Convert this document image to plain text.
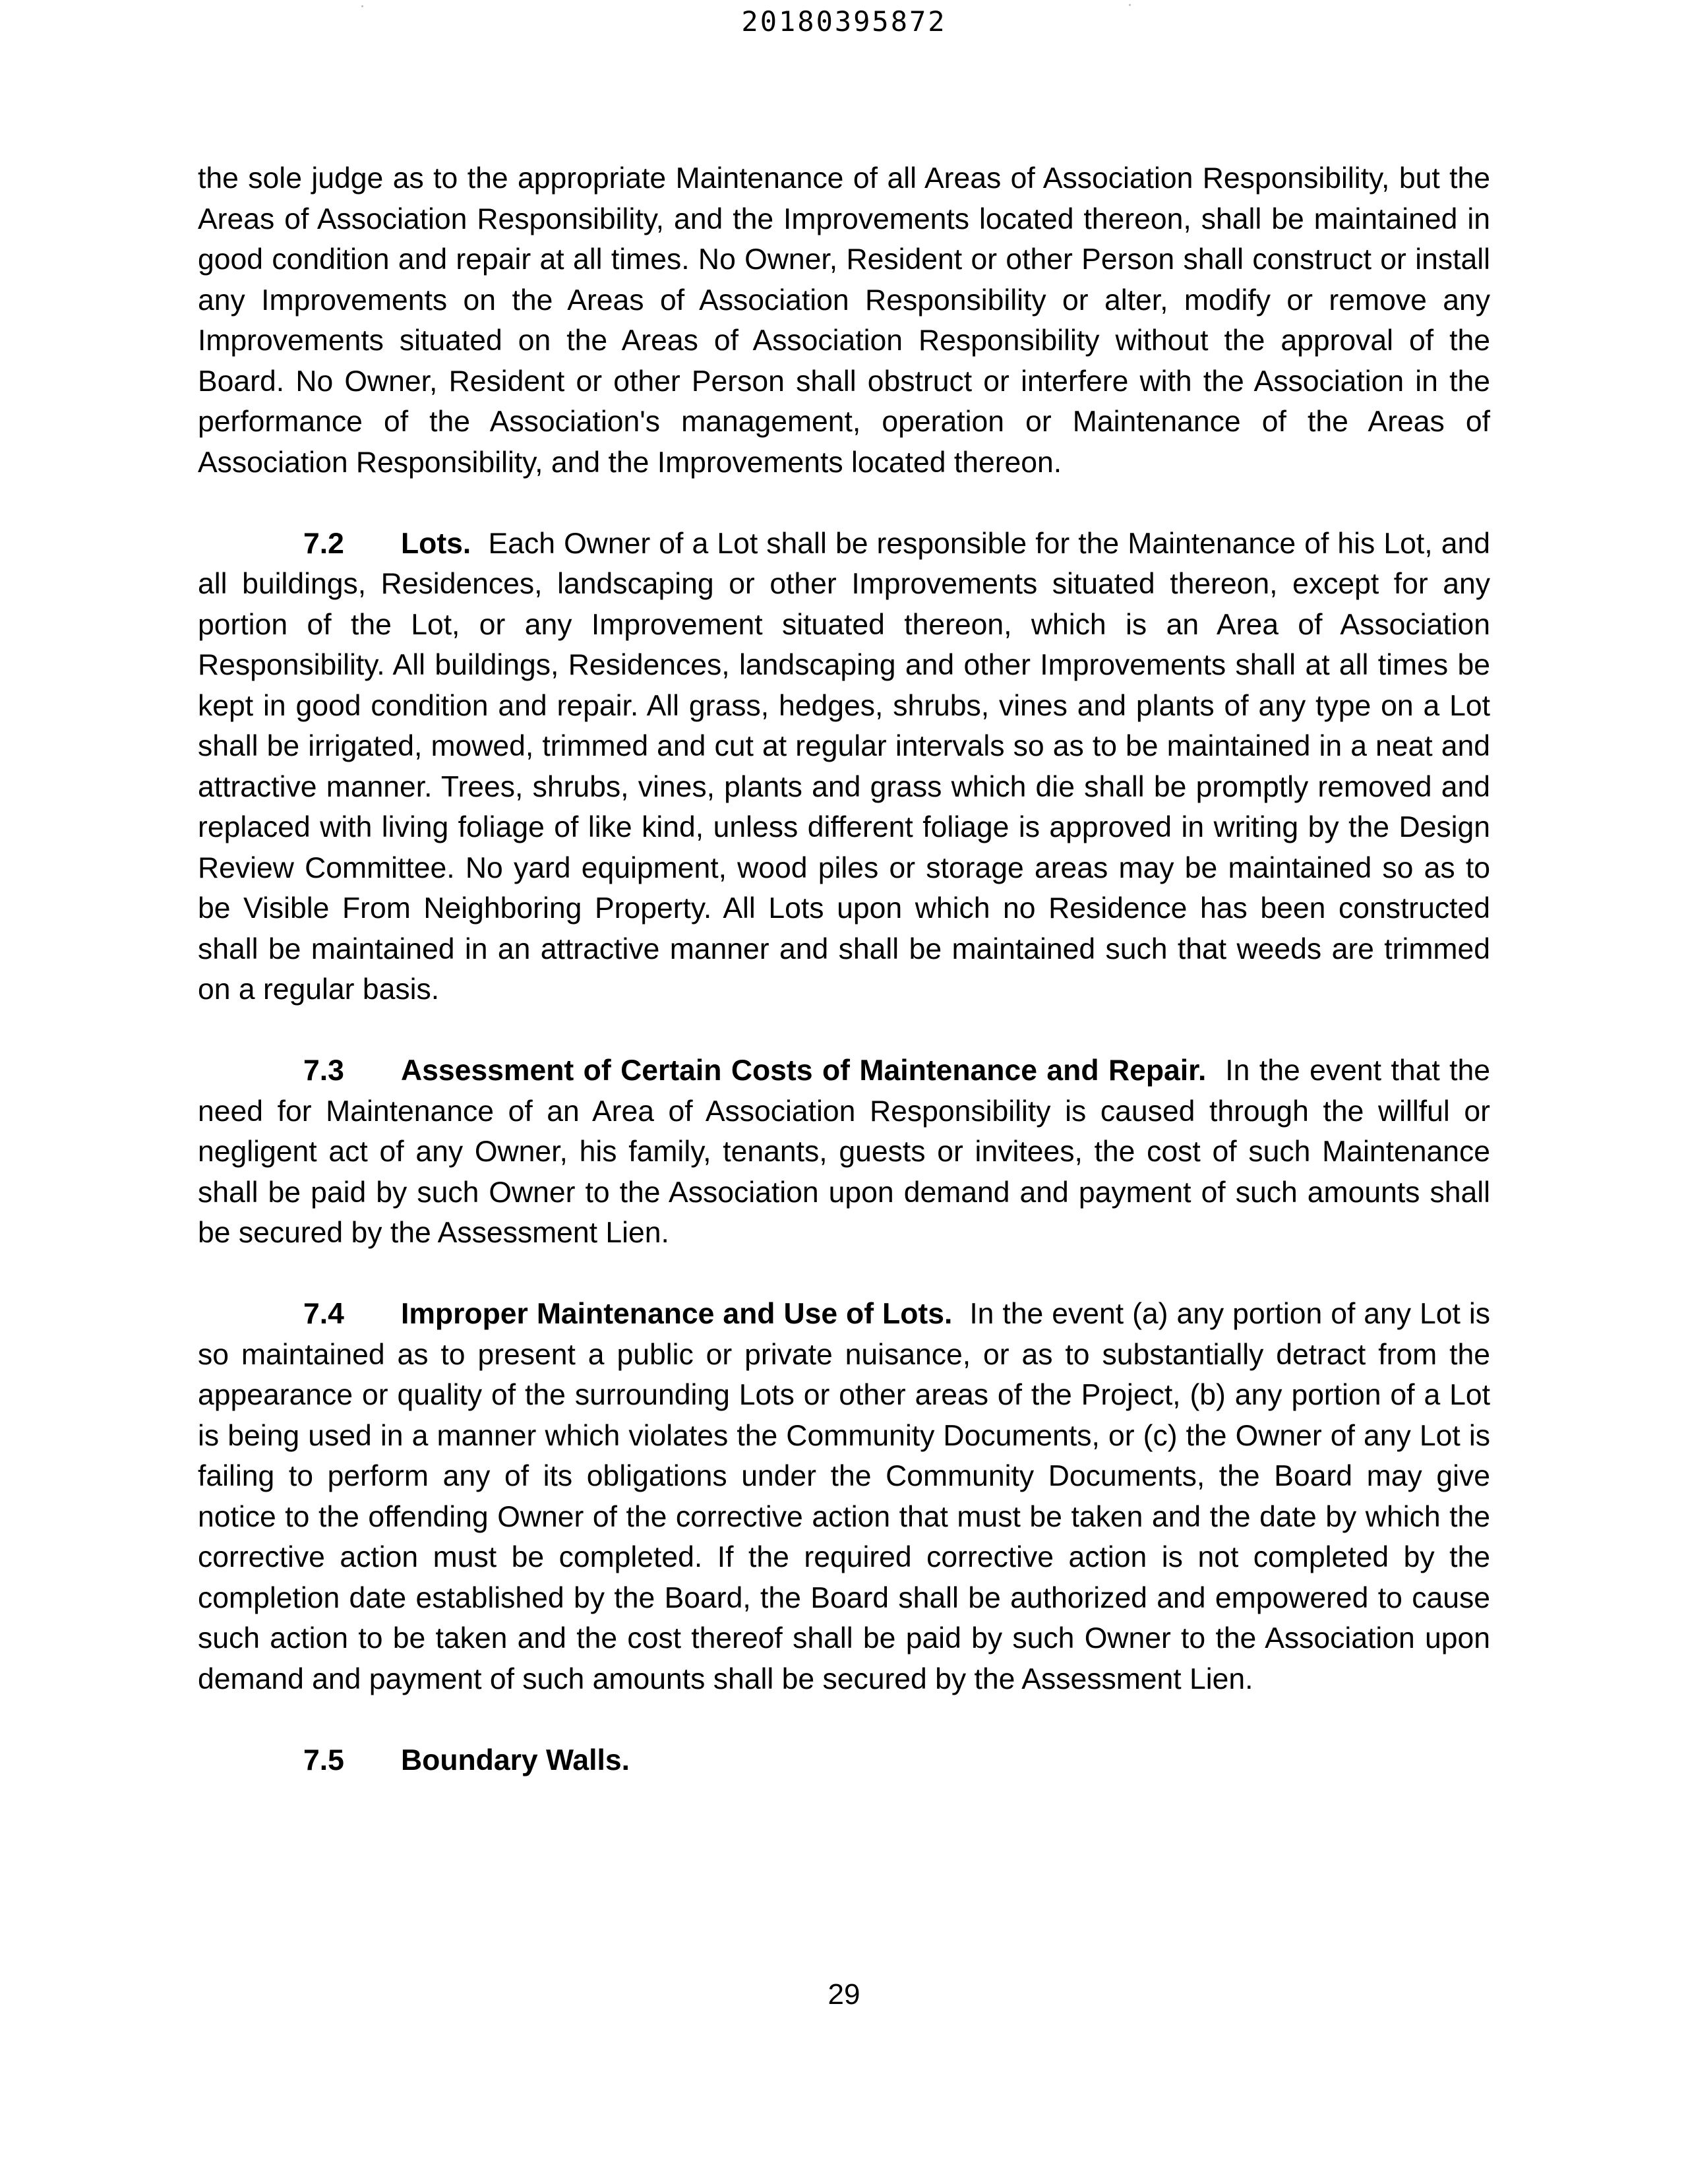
20180395872

the sole judge as to the appropriate Maintenance of all Areas of Association Responsibility, but the Areas of Association Responsibility, and the Improvements located thereon, shall be maintained in good condition and repair at all times. No Owner, Resident or other Person shall construct or install any Improvements on the Areas of Association Responsibility or alter, modify or remove any Improvements situated on the Areas of Association Responsibility without the approval of the Board. No Owner, Resident or other Person shall obstruct or interfere with the Association in the performance of the Association's management, operation or Maintenance of the Areas of Association Responsibility, and the Improvements located thereon.

7.2 Lots. Each Owner of a Lot shall be responsible for the Maintenance of his Lot, and all buildings, Residences, landscaping or other Improvements situated thereon, except for any portion of the Lot, or any Improvement situated thereon, which is an Area of Association Responsibility. All buildings, Residences, landscaping and other Improvements shall at all times be kept in good condition and repair. All grass, hedges, shrubs, vines and plants of any type on a Lot shall be irrigated, mowed, trimmed and cut at regular intervals so as to be maintained in a neat and attractive manner. Trees, shrubs, vines, plants and grass which die shall be promptly removed and replaced with living foliage of like kind, unless different foliage is approved in writing by the Design Review Committee. No yard equipment, wood piles or storage areas may be maintained so as to be Visible From Neighboring Property. All Lots upon which no Residence has been constructed shall be maintained in an attractive manner and shall be maintained such that weeds are trimmed on a regular basis.

7.3 Assessment of Certain Costs of Maintenance and Repair. In the event that the need for Maintenance of an Area of Association Responsibility is caused through the willful or negligent act of any Owner, his family, tenants, guests or invitees, the cost of such Maintenance shall be paid by such Owner to the Association upon demand and payment of such amounts shall be secured by the Assessment Lien.

7.4 Improper Maintenance and Use of Lots. In the event (a) any portion of any Lot is so maintained as to present a public or private nuisance, or as to substantially detract from the appearance or quality of the surrounding Lots or other areas of the Project, (b) any portion of a Lot is being used in a manner which violates the Community Documents, or (c) the Owner of any Lot is failing to perform any of its obligations under the Community Documents, the Board may give notice to the offending Owner of the corrective action that must be taken and the date by which the corrective action must be completed. If the required corrective action is not completed by the completion date established by the Board, the Board shall be authorized and empowered to cause such action to be taken and the cost thereof shall be paid by such Owner to the Association upon demand and payment of such amounts shall be secured by the Assessment Lien.

7.5 Boundary Walls.

29
